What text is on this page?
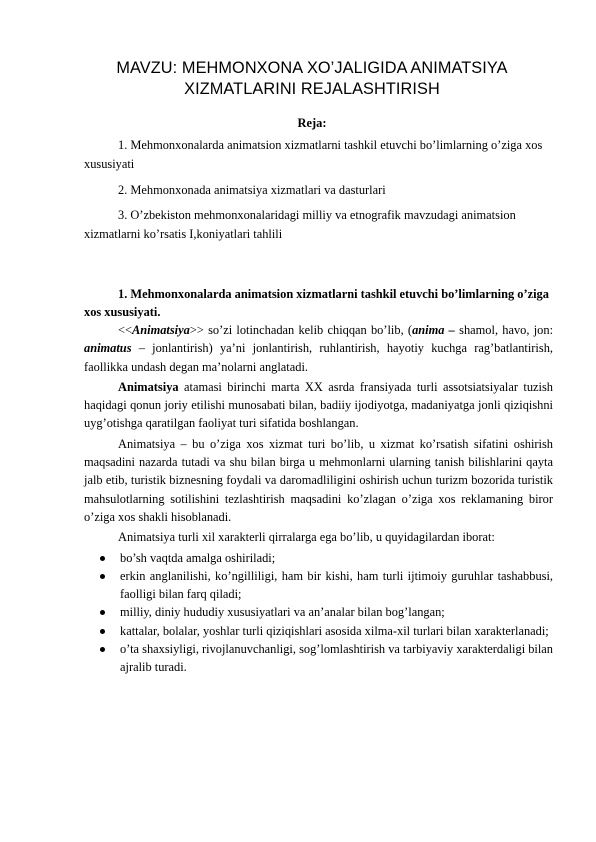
MAVZU: MEHMONXONA XO’JALIGIDA ANIMATSIYA
XIZMATLARINI REJALASHTIRISH
Reja:

1. Mehmonxonalarda animatsion xizmatlarni tashkil etuvchi bo’limlarning o’ziga xos xususiyati

2. Mehmonxonada animatsiya xizmatlari va dasturlari

3. O’zbekiston mehmonxonalaridagi milliy va etnografik mavzudagi animatsion xizmatlarni ko’rsatis I,koniyatlari tahlili

1. Mehmonxonalarda animatsion xizmatlarni tashkil etuvchi bo’limlarning o’ziga xos xususiyati.

<<Animatsiya>> so’zi lotinchadan kelib chiqqan bo’lib, (anima – shamol, havo, jon: animatus – jonlantirish) ya’ni jonlantirish, ruhlantirish, hayotiy kuchga rag’batlantirish, faollikka undash degan ma’nolarni anglatadi.

Animatsiya atamasi birinchi marta XX asrda fransiyada turli assotsiatsiyalar tuzish haqidagi qonun joriy etilishi munosabati bilan, badiiy ijodiyotga, madaniyatga jonli qiziqishni uyg’otishga qaratilgan faoliyat turi sifatida boshlangan.

Animatsiya – bu o’ziga xos xizmat turi bo’lib, u xizmat ko’rsatish sifatini oshirish maqsadini nazarda tutadi va shu bilan birga u mehmonlarni ularning tanish bilishlarini qayta jalb etib, turistik biznesning foydali va daromadliligini oshirish uchun turizm bozorida turistik mahsulotlarning sotilishini tezlashtirish maqsadini ko’zlagan o’ziga xos reklamaning biror o’ziga xos shakli hisoblanadi.

Animatsiya turli xil xarakterli qirralarga ega bo’lib, u quyidagilardan iborat:

bo’sh vaqtda amalga oshiriladi;
erkin anglanilishi, ko’ngilliligi, ham bir kishi, ham turli ijtimoiy guruhlar tashabbusi, faolligi bilan farq qiladi;
milliy, diniy hududiy xususiyatlari va an’analar bilan bog’langan;
kattalar, bolalar, yoshlar turli qiziqishlari asosida xilma-xil turlari bilan xarakterlanadi;
o’ta shaxsiyligi, rivojlanuvchanligi, sog’lomlashtirish va tarbiyaviy xarakterdaligi bilan ajralib turadi.
